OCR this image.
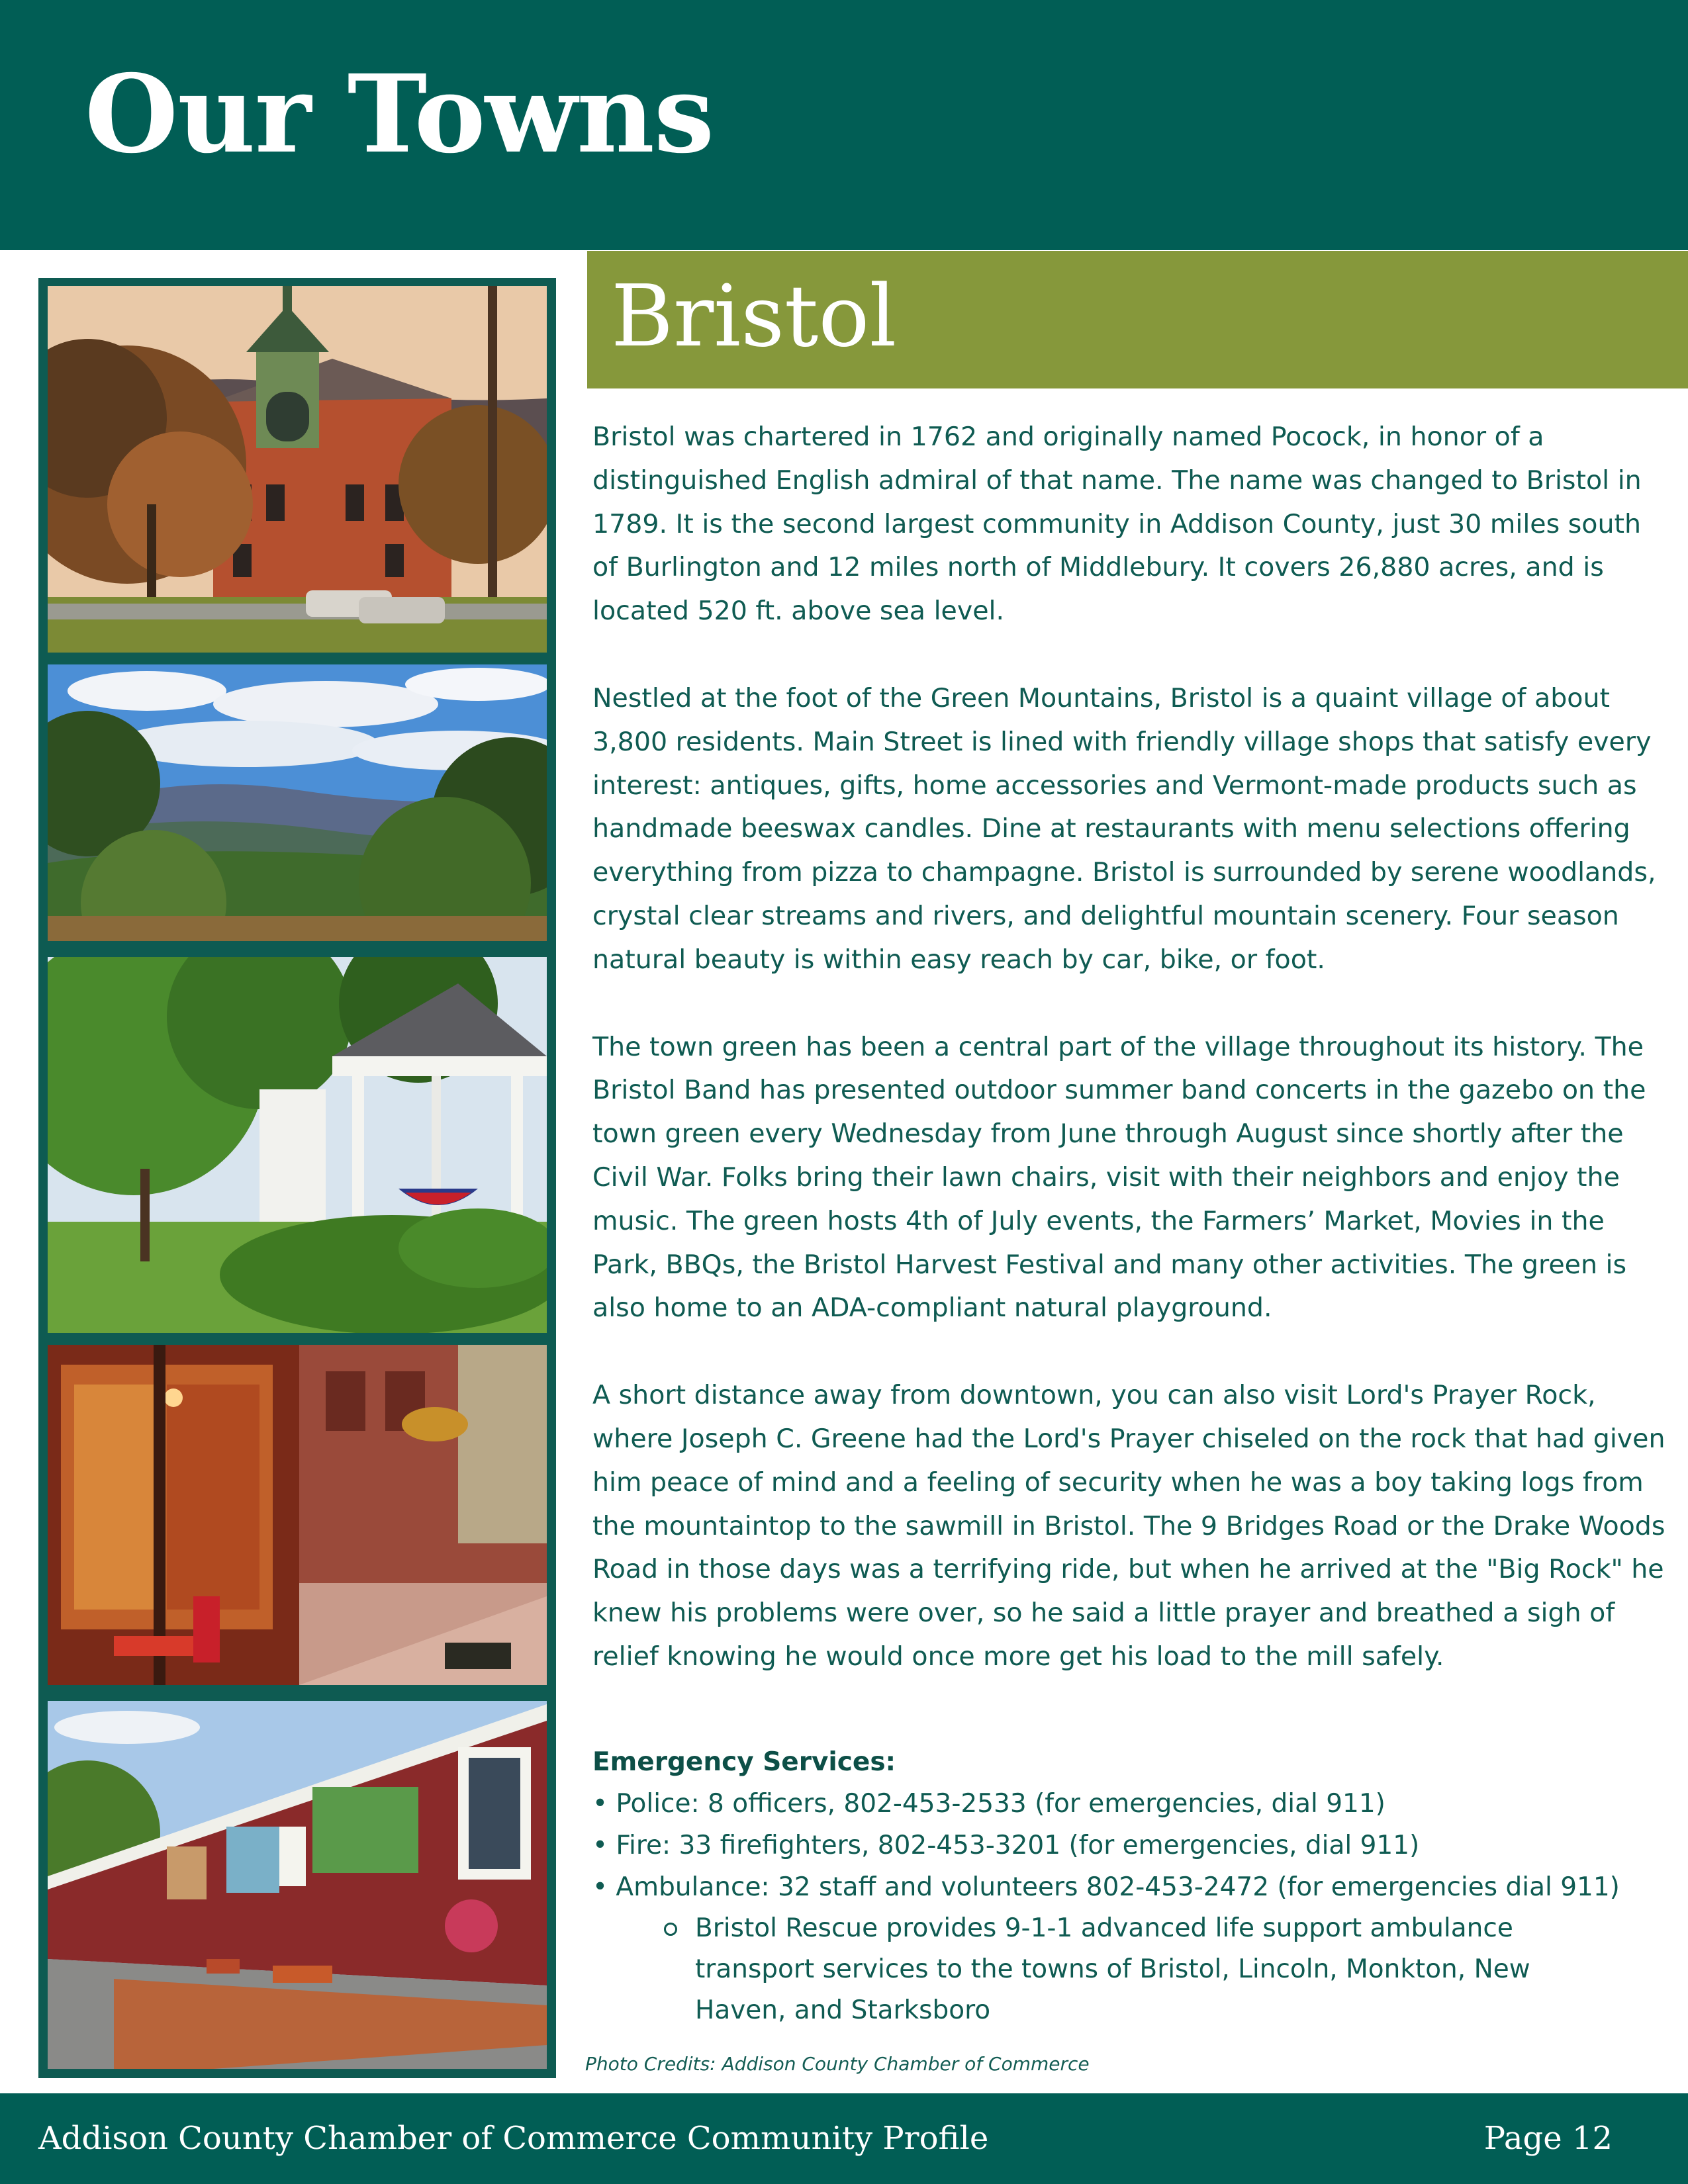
Our Towns
Bristol

Bristol was chartered in 1762 and originally named Pocock, in honor of a distinguished English admiral of that name. The name was changed to Bristol in 1789. It is the second largest community in Addison County, just 30 miles south of Burlington and 12 miles north of Middlebury. It covers 26,880 acres, and is located 520 ft. above sea level.

Nestled at the foot of the Green Mountains, Bristol is a quaint village of about 3,800 residents. Main Street is lined with friendly village shops that satisfy every interest: antiques, gifts, home accessories and Vermont-made products such as handmade beeswax candles. Dine at restaurants with menu selections offering everything from pizza to champagne. Bristol is surrounded by serene woodlands, crystal clear streams and rivers, and delightful mountain scenery. Four season natural beauty is within easy reach by car, bike, or foot.

The town green has been a central part of the village throughout its history. The Bristol Band has presented outdoor summer band concerts in the gazebo on the town green every Wednesday from June through August since shortly after the Civil War. Folks bring their lawn chairs, visit with their neighbors and enjoy the music. The green hosts 4th of July events, the Farmers’ Market, Movies in the Park, BBQs, the Bristol Harvest Festival and many other activities. The green is also home to an ADA-compliant natural playground.

A short distance away from downtown, you can also visit Lord's Prayer Rock, where Joseph C. Greene had the Lord's Prayer chiseled on the rock that had given him peace of mind and a feeling of security when he was a boy taking logs from the mountaintop to the sawmill in Bristol. The 9 Bridges Road or the Drake Woods Road in those days was a terrifying ride, but when he arrived at the "Big Rock" he knew his problems were over, so he said a little prayer and breathed a sigh of relief knowing he would once more get his load to the mill safely.

Emergency Services:
• Police: 8 officers, 802-453-2533 (for emergencies, dial 911)
• Fire: 33 firefighters, 802-453-3201 (for emergencies, dial 911)
• Ambulance: 32 staff and volunteers 802-453-2472 (for emergencies dial 911)
Bristol Rescue provides 9-1-1 advanced life support ambulance transport services to the towns of Bristol, Lincoln, Monkton, New Haven, and Starksboro
Photo Credits: Addison County Chamber of Commerce
Addison County Chamber of Commerce Community Profile	Page 12
